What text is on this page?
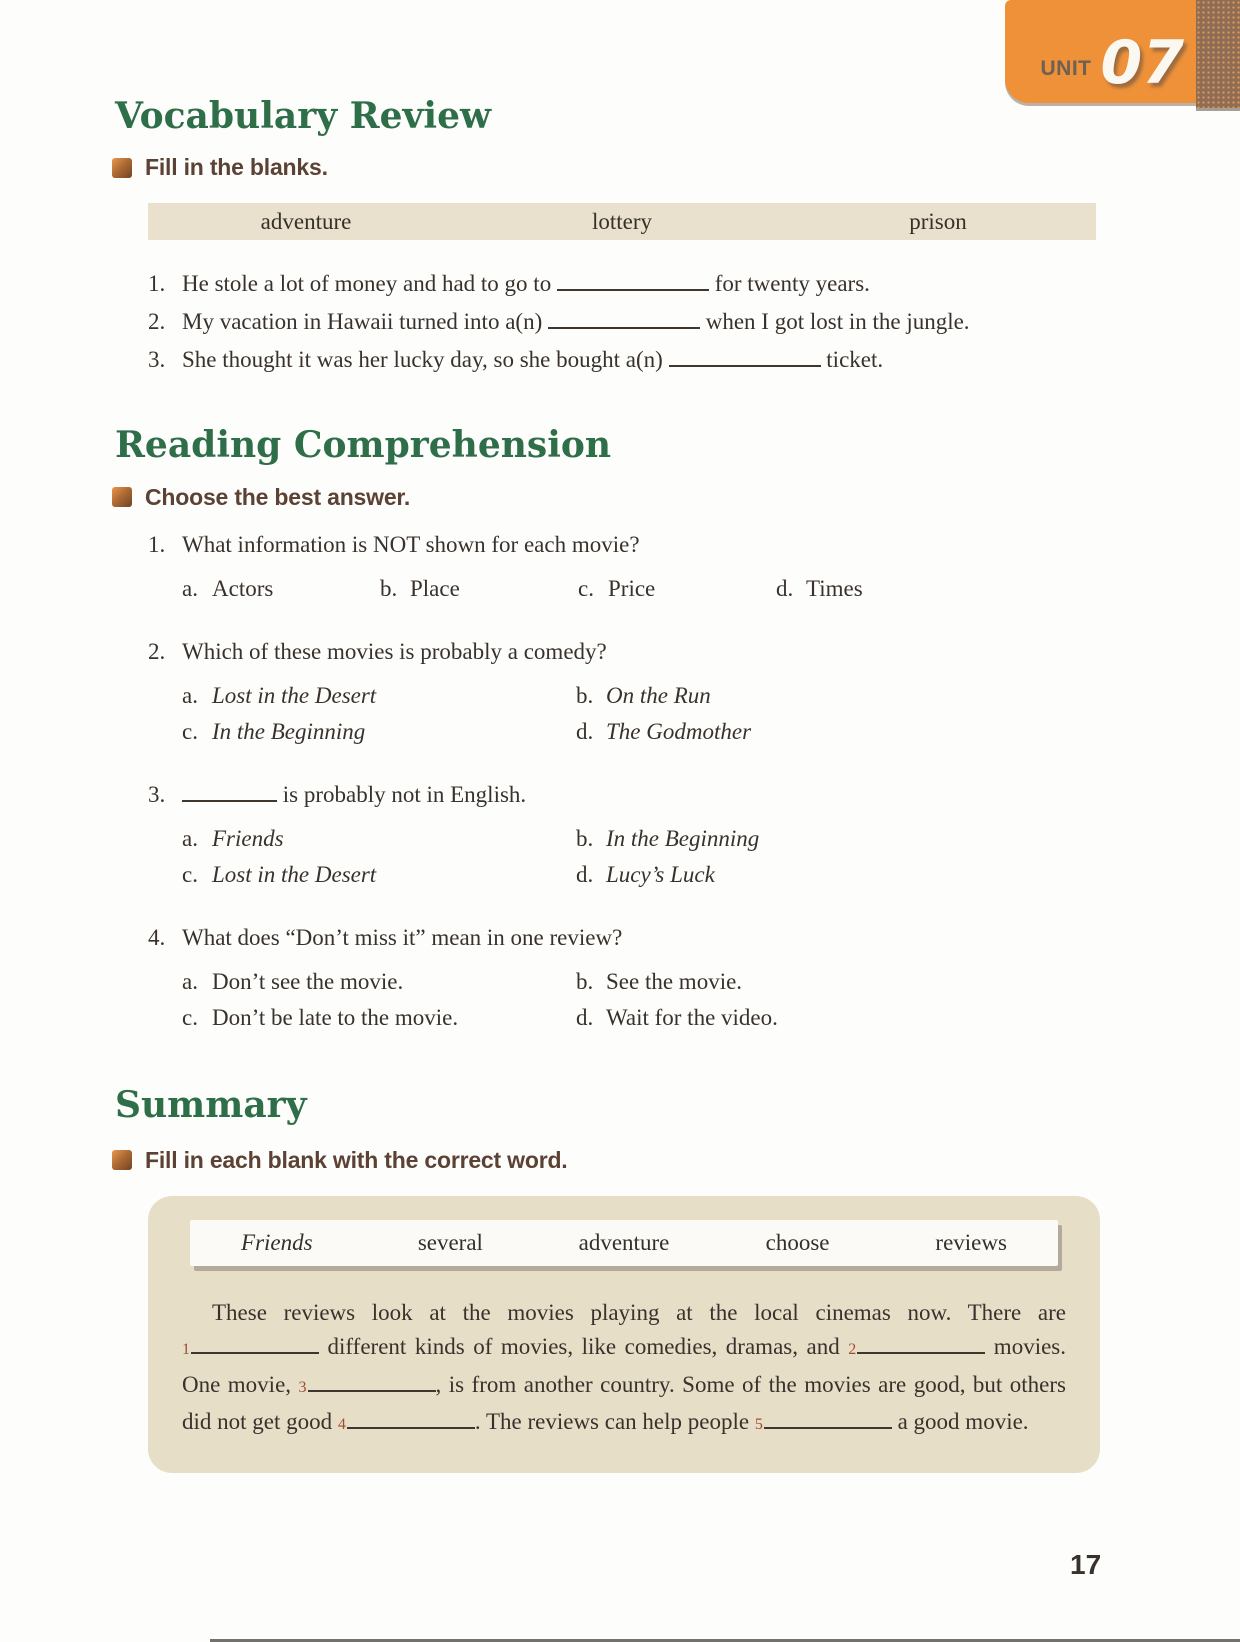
UNIT 07
Vocabulary Review
Fill in the blanks.
adventure	lottery	prison
1. He stole a lot of money and had to go to	for twenty years.
2. My vacation in Hawaii turned into a(n)	when I got lost in the jungle.
3. She thought it was her lucky day, so she bought a(n)	ticket.
Reading Comprehension
Choose the best answer.
1. What information is NOT shown for each movie?
a. Actors	b. Place	c. Price	d. Times
2. Which of these movies is probably a comedy?
a. Lost in the Desert	b. On the Run
c. In the Beginning	d. The Godmother
3.	is probably not in English.
a. Friends	b. In the Beginning
c. Lost in the Desert	d. Lucy’s Luck
4. What does “Don’t miss it” mean in one review?
a. Don’t see the movie.	b. See the movie.
c. Don’t be late to the movie.	d. Wait for the video.
Summary
Fill in each blank with the correct word.
Friends	several	adventure	choose	reviews

These reviews look at the movies playing at the local cinemas now. There are 1	different kinds of movies, like comedies, dramas, and 2	movies. One movie, 3	, is from another country. Some of the movies are good, but others did not get good 4	. The reviews can help people 5	a good movie.

17
